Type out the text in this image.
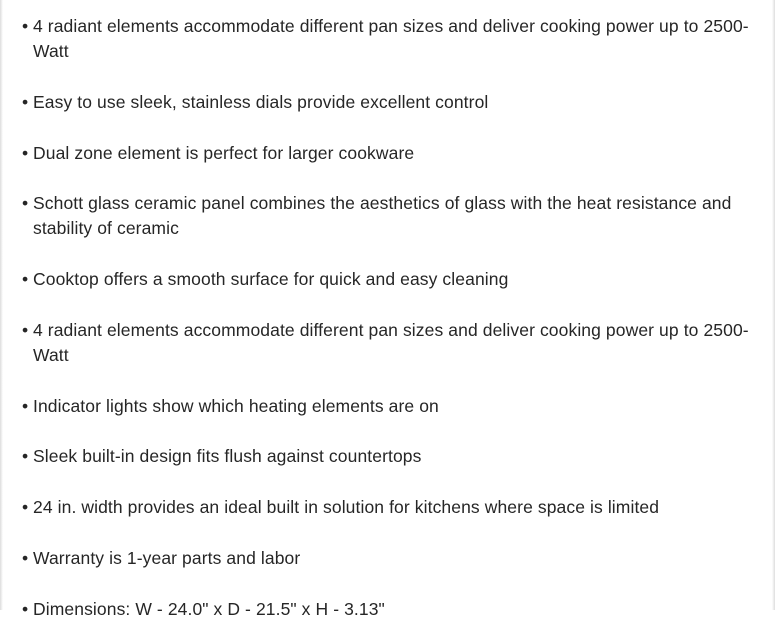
• 4 radiant elements accommodate different pan sizes and deliver cooking power up to 2500-Watt
• Easy to use sleek, stainless dials provide excellent control
• Dual zone element is perfect for larger cookware
• Schott glass ceramic panel combines the aesthetics of glass with the heat resistance and stability of ceramic
• Cooktop offers a smooth surface for quick and easy cleaning
• 4 radiant elements accommodate different pan sizes and deliver cooking power up to 2500-Watt
• Indicator lights show which heating elements are on
• Sleek built-in design fits flush against countertops
• 24 in. width provides an ideal built in solution for kitchens where space is limited
• Warranty is 1-year parts and labor
• Dimensions: W - 24.0" x D - 21.5" x H - 3.13"
